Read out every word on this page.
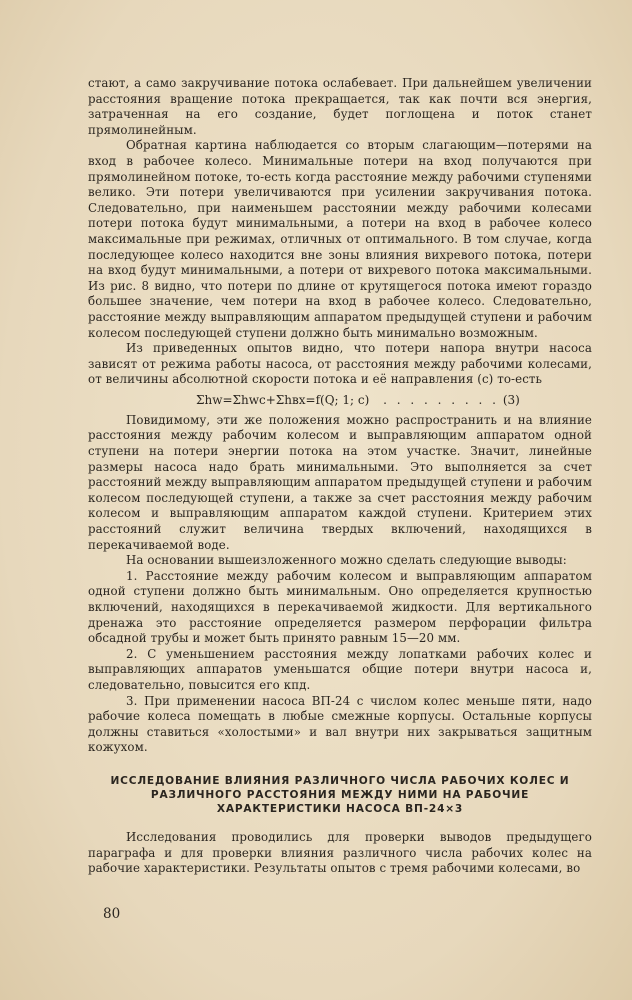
стают, а само закручивание потока ослабевает. При дальнейшем увеличении расстояния вращение потока прекращается, так как почти вся энергия, затраченная на его создание, будет поглощена и поток станет прямолинейным.

Обратная картина наблюдается со вторым слагающим—потерями на вход в рабочее колесо. Минимальные потери на вход получаются при прямолинейном потоке, то-есть когда расстояние между рабочими ступенями велико. Эти потери увеличиваются при усилении закручивания потока. Следовательно, при наименьшем расстоянии между рабочими колесами потери потока будут минимальными, а потери на вход в рабочее колесо максимальные при режимах, отличных от оптимального. В том случае, когда последующее колесо находится вне зоны влияния вихревого потока, потери на вход будут минимальными, а потери от вихревого потока максимальными. Из рис. 8 видно, что потери по длине от крутящегося потока имеют гораздо большее значение, чем потери на вход в рабочее колесо. Следовательно, расстояние между выправляющим аппаратом предыдущей ступени и рабочим колесом последующей ступени должно быть минимально возможным.

Из приведенных опытов видно, что потери напора внутри насоса зависят от режима работы насоса, от расстояния между рабочими колесами, от величины абсолютной скорости потока и её направления (c) то-есть

Σhw=Σhwc+Σhвх=f(Q; 1; c) . . . . . . . . . (3)

Повидимому, эти же положения можно распространить и на влияние расстояния между рабочим колесом и выправляющим аппаратом одной ступени на потери энергии потока на этом участке. Значит, линейные размеры насоса надо брать минимальными. Это выполняется за счет расстояний между выправляющим аппаратом предыдущей ступени и рабочим колесом последующей ступени, а также за счет расстояния между рабочим колесом и выправляющим аппаратом каждой ступени. Критерием этих расстояний служит величина твердых включений, находящихся в перекачиваемой воде.

На основании вышеизложенного можно сделать следующие выводы:

1. Расстояние между рабочим колесом и выправляющим аппаратом одной ступени должно быть минимальным. Оно определяется крупностью включений, находящихся в перекачиваемой жидкости. Для вертикального дренажа это расстояние определяется размером перфорации фильтра обсадной трубы и может быть принято равным 15—20 мм.

2. С уменьшением расстояния между лопатками рабочих колес и выправляющих аппаратов уменьшатся общие потери внутри насоса и, следовательно, повысится его кпд.

3. При применении насоса ВП-24 с числом колес меньше пяти, надо рабочие колеса помещать в любые смежные корпусы. Остальные корпусы должны ставиться «холостыми» и вал внутри них закрываться защитным кожухом.

ИССЛЕДОВАНИЕ ВЛИЯНИЯ РАЗЛИЧНОГО ЧИСЛА РАБОЧИХ КОЛЕС И РАЗЛИЧНОГО РАССТОЯНИЯ МЕЖДУ НИМИ НА РАБОЧИЕ ХАРАКТЕРИСТИКИ НАСОСА ВП-24×3

Исследования проводились для проверки выводов предыдущего параграфа и для проверки влияния различного числа рабочих колес на рабочие характеристики. Результаты опытов с тремя рабочими колесами, во

80
